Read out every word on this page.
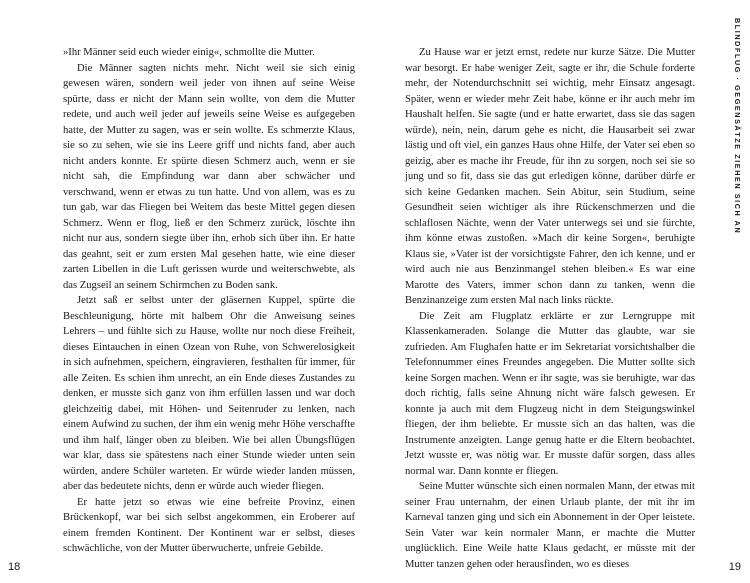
»Ihr Männer seid euch wieder einig«, schmollte die Mutter.

Die Männer sagten nichts mehr. Nicht weil sie sich einig gewesen wären, sondern weil jeder von ihnen auf seine Weise spürte, dass er nicht der Mann sein wollte, von dem die Mutter redete, und auch weil jeder auf jeweils seine Weise es aufgegeben hatte, der Mutter zu sagen, was er sein wollte. Es schmerzte Klaus, sie so zu sehen, wie sie ins Leere griff und nichts fand, aber auch nicht anders konnte. Er spürte diesen Schmerz auch, wenn er sie nicht sah, die Empfindung war dann aber schwächer und verschwand, wenn er etwas zu tun hatte. Und von allem, was es zu tun gab, war das Fliegen bei Weitem das beste Mittel gegen diesen Schmerz. Wenn er flog, ließ er den Schmerz zurück, löschte ihn nicht nur aus, sondern siegte über ihn, erhob sich über ihn. Er hatte das geahnt, seit er zum ersten Mal gesehen hatte, wie eine dieser zarten Libellen in die Luft gerissen wurde und weiterschwebte, als das Zugseil an seinem Schirmchen zu Boden sank.

Jetzt saß er selbst unter der gläsernen Kuppel, spürte die Beschleunigung, hörte mit halbem Ohr die Anweisung seines Lehrers – und fühlte sich zu Hause, wollte nur noch diese Freiheit, dieses Eintauchen in einen Ozean von Ruhe, von Schwerelosigkeit in sich aufnehmen, speichern, eingravieren, festhalten für immer, für alle Zeiten. Es schien ihm unrecht, an ein Ende dieses Zustandes zu denken, er musste sich ganz von ihm erfüllen lassen und war doch gleichzeitig dabei, mit Höhen- und Seitenruder zu lenken, nach einem Aufwind zu suchen, der ihm ein wenig mehr Höhe verschaffte und ihm half, länger oben zu bleiben. Wie bei allen Übungsflügen war klar, dass sie spätestens nach einer Stunde wieder unten sein würden, andere Schüler warteten. Er würde wieder landen müssen, aber das bedeutete nichts, denn er würde auch wieder fliegen.

Er hatte jetzt so etwas wie eine befreite Provinz, einen Brückenkopf, war bei sich selbst angekommen, ein Eroberer auf einem fremden Kontinent. Der Kontinent war er selbst, dieses schwächliche, von der Mutter überwucherte, unfreie Gebilde.

18

Zu Hause war er jetzt ernst, redete nur kurze Sätze. Die Mutter war besorgt. Er habe weniger Zeit, sagte er ihr, die Schule forderte mehr, der Notendurchschnitt sei wichtig, mehr Einsatz angesagt. Später, wenn er wieder mehr Zeit habe, könne er ihr auch mehr im Haushalt helfen. Sie sagte (und er hatte erwartet, dass sie das sagen würde), nein, nein, darum gehe es nicht, die Hausarbeit sei zwar lästig und oft viel, ein ganzes Haus ohne Hilfe, der Vater sei eben so geizig, aber es mache ihr Freude, für ihn zu sorgen, noch sei sie so jung und so fit, dass sie das gut erledigen könne, darüber dürfe er sich keine Gedanken machen. Sein Abitur, sein Studium, seine Gesundheit seien wichtiger als ihre Rückenschmerzen und die schlaflosen Nächte, wenn der Vater unterwegs sei und sie fürchte, ihm könne etwas zustoßen. »Mach dir keine Sorgen«, beruhigte Klaus sie, »Vater ist der vorsichtigste Fahrer, den ich kenne, und er wird auch nie aus Benzinmangel stehen bleiben.« Es war eine Marotte des Vaters, immer schon dann zu tanken, wenn die Benzinanzeige zum ersten Mal nach links rückte.

Die Zeit am Flugplatz erklärte er zur Lerngruppe mit Klassenkameraden. Solange die Mutter das glaubte, war sie zufrieden. Am Flughafen hatte er im Sekretariat vorsichtshalber die Telefonnummer eines Freundes angegeben. Die Mutter sollte sich keine Sorgen machen. Wenn er ihr sagte, was sie beruhigte, war das doch richtig, falls seine Ahnung nicht wäre falsch gewesen. Er konnte ja auch mit dem Flugzeug nicht in dem Steigungswinkel fliegen, der ihm beliebte. Er musste sich an das halten, was die Instrumente anzeigten. Lange genug hatte er die Eltern beobachtet. Jetzt wusste er, was nötig war. Er musste dafür sorgen, dass alles normal war. Dann konnte er fliegen.

Seine Mutter wünschte sich einen normalen Mann, der etwas mit seiner Frau unternahm, der einen Urlaub plante, der mit ihr im Karneval tanzen ging und sich ein Abonnement in der Oper leistete. Sein Vater war kein normaler Mann, er machte die Mutter unglücklich. Eine Weile hatte Klaus gedacht, er müsste mit der Mutter tanzen gehen oder herausfinden, wo es dieses

BLINDFLUG · GEGENSÄTZE ZIEHEN SICH AN
19
